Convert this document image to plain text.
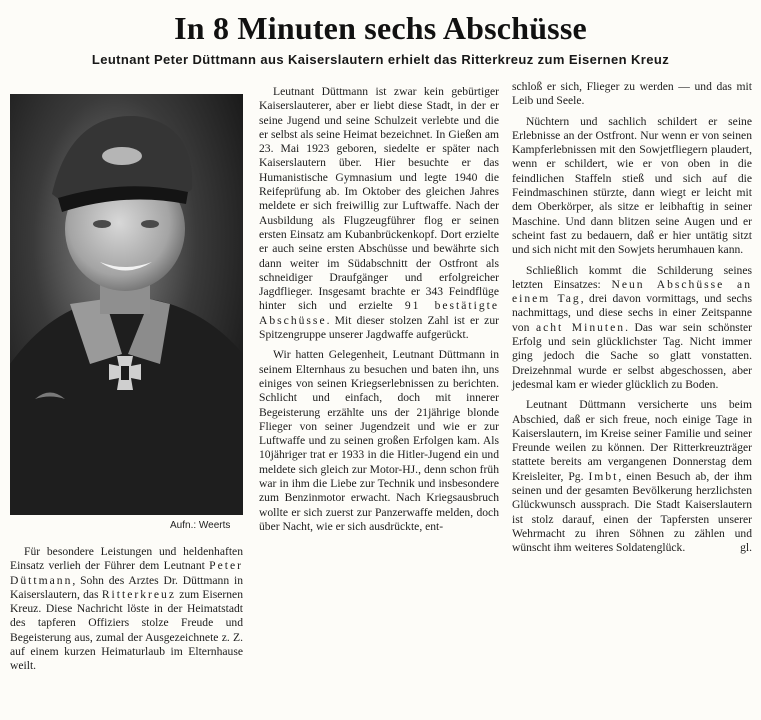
In 8 Minuten sechs Abschüsse
Leutnant Peter Düttmann aus Kaiserslautern erhielt das Ritterkreuz zum Eisernen Kreuz
Aufn.: Weerts

Für besondere Leistungen und heldenhaften Einsatz verlieh der Führer dem Leutnant Peter Düttmann, Sohn des Arztes Dr. Düttmann in Kaiserslautern, das Ritterkreuz zum Eisernen Kreuz. Diese Nachricht löste in der Heimatstadt des tapferen Offiziers stolze Freude und Begeisterung aus, zumal der Ausgezeichnete z. Z. auf einem kurzen Heimaturlaub im Elternhause weilt.

Leutnant Düttmann ist zwar kein gebürtiger Kaiserslauterer, aber er liebt diese Stadt, in der er seine Jugend und seine Schulzeit verlebte und die er selbst als seine Heimat bezeichnet. In Gießen am 23. Mai 1923 geboren, siedelte er später nach Kaiserslautern über. Hier besuchte er das Humanistische Gymnasium und legte 1940 die Reifeprüfung ab. Im Oktober des gleichen Jahres meldete er sich freiwillig zur Luftwaffe. Nach der Ausbildung als Flugzeugführer flog er seinen ersten Einsatz am Kubanbrückenkopf. Dort erzielte er auch seine ersten Abschüsse und bewährte sich dann weiter im Südabschnitt der Ostfront als schneidiger Draufgänger und erfolgreicher Jagdflieger. Insgesamt brachte er 343 Feindflüge hinter sich und erzielte 91 bestätigte Abschüsse. Mit dieser stolzen Zahl ist er zur Spitzengruppe unserer Jagdwaffe aufgerückt.

Wir hatten Gelegenheit, Leutnant Düttmann in seinem Elternhaus zu besuchen und baten ihn, uns einiges von seinen Kriegserlebnissen zu berichten. Schlicht und einfach, doch mit innerer Begeisterung erzählte uns der 21jährige blonde Flieger von seiner Jugendzeit und wie er zur Luftwaffe und zu seinen großen Erfolgen kam. Als 10jähriger trat er 1933 in die Hitler-Jugend ein und meldete sich gleich zur Motor-HJ., denn schon früh war in ihm die Liebe zur Technik und insbesondere zum Benzinmotor erwacht. Nach Kriegsausbruch wollte er sich zuerst zur Panzerwaffe melden, doch über Nacht, wie er sich ausdrückte, ent-

schloß er sich, Flieger zu werden — und das mit Leib und Seele.

Nüchtern und sachlich schildert er seine Erlebnisse an der Ostfront. Nur wenn er von seinen Kampferlebnissen mit den Sowjetfliegern plaudert, wenn er schildert, wie er von oben in die feindlichen Staffeln stieß und sich auf die Feindmaschinen stürzte, dann wiegt er leicht mit dem Oberkörper, als sitze er leibhaftig in seiner Maschine. Und dann blitzen seine Augen und er scheint fast zu bedauern, daß er hier untätig sitzt und sich nicht mit den Sowjets herumhauen kann.

Schließlich kommt die Schilderung seines letzten Einsatzes: Neun Abschüsse an einem Tag, drei davon vormittags, und sechs nachmittags, und diese sechs in einer Zeitspanne von acht Minuten. Das war sein schönster Erfolg und sein glücklichster Tag. Nicht immer ging jedoch die Sache so glatt vonstatten. Dreizehnmal wurde er selbst abgeschossen, aber jedesmal kam er wieder glücklich zu Boden.

Leutnant Düttmann versicherte uns beim Abschied, daß er sich freue, noch einige Tage in Kaiserslautern, im Kreise seiner Familie und seiner Freunde weilen zu können. Der Ritterkreuzträger stattete bereits am vergangenen Donnerstag dem Kreisleiter, Pg. Imbt, einen Besuch ab, der ihm seinen und der gesamten Bevölkerung herzlichsten Glückwunsch aussprach. Die Stadt Kaiserslautern ist stolz darauf, einen der Tapfersten unserer Wehrmacht zu ihren Söhnen zu zählen und wünscht ihm weiteres Soldatenglück.	gl.
